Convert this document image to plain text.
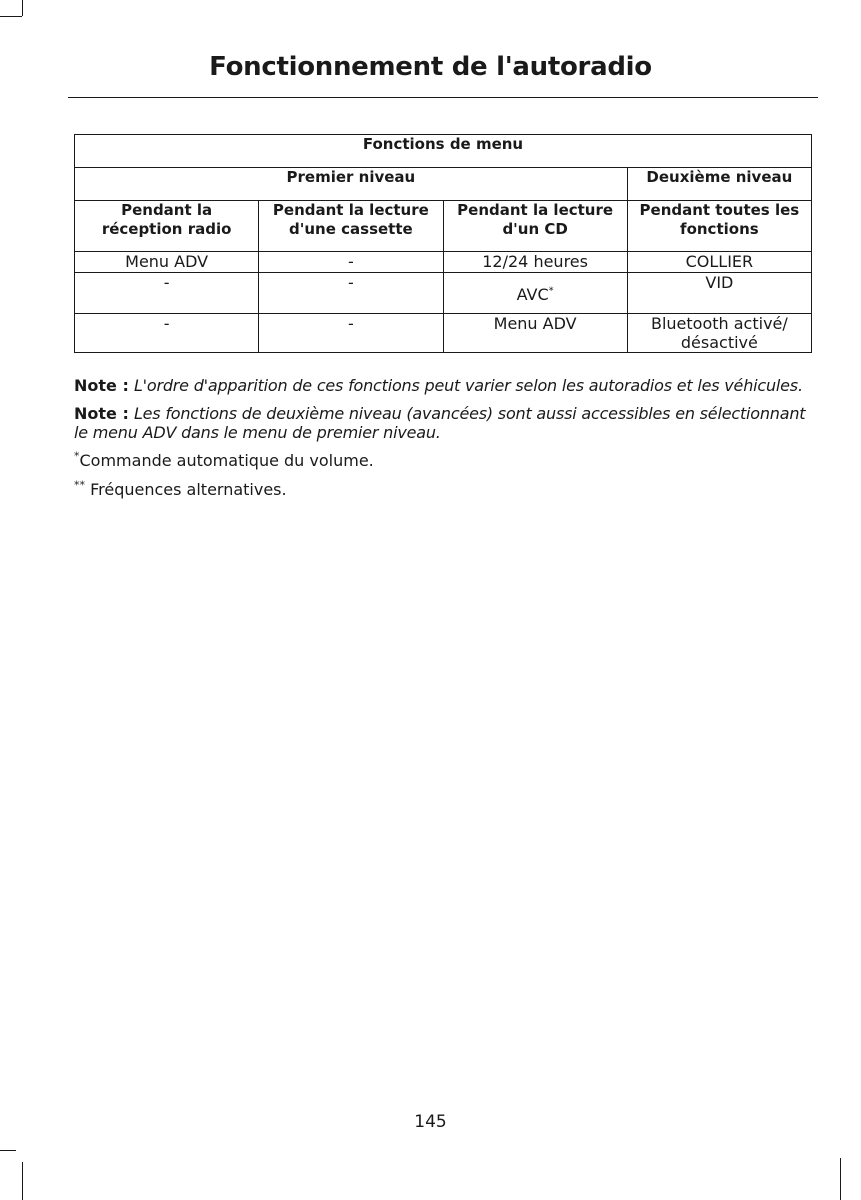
Fonctionnement de l'autoradio
Fonctions de menu			
Premier niveau			Deuxième niveau
Pendant la réception radio	Pendant la lecture d'une cassette	Pendant la lecture d'un CD	Pendant toutes les fonctions
Menu ADV	-	12/24 heures	COLLIER
-	-	AVC*	VID
-	-	Menu ADV	Bluetooth activé/ désactivé

Note : L'ordre d'apparition de ces fonctions peut varier selon les autoradios et les véhicules.

Note : Les fonctions de deuxième niveau (avancées) sont aussi accessibles en sélectionnant le menu ADV dans le menu de premier niveau.

*Commande automatique du volume.

** Fréquences alternatives.

145
